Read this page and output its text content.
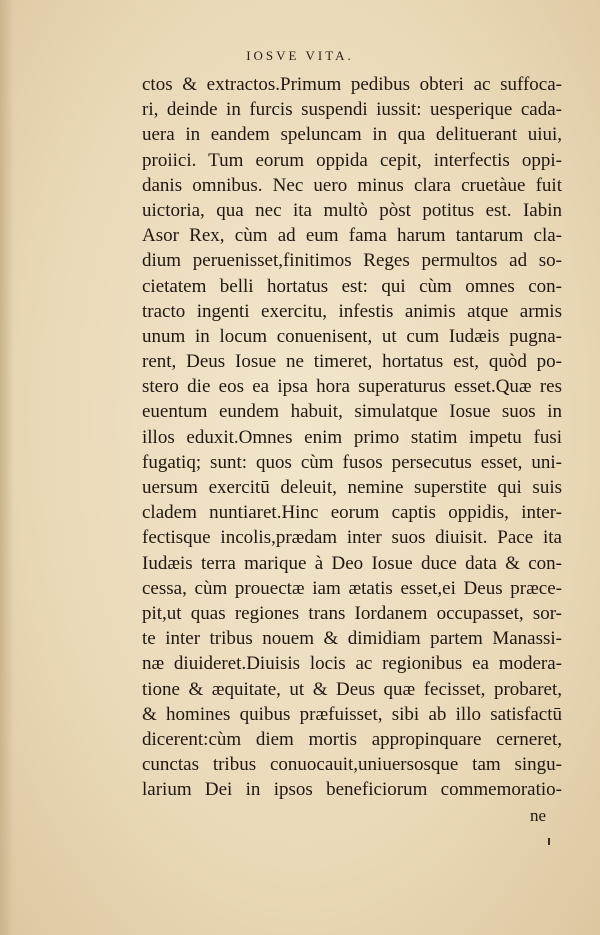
IOSVE VITA.
ctos & extractos.Primum pedibus obteri ac suffoca-
ri, deinde in furcis suspendi iussit: uesperique cada-
uera in eandem speluncam in qua delituerant uiui,
proiici. Tum eorum oppida cepit, interfectis oppi-
danis omnibus. Nec uero minus clara cruetàue fuit
uictoria, qua nec ita multò pòst potitus est. Iabin
Asor Rex, cùm ad eum fama harum tantarum cla-
dium peruenisset,finitimos Reges permultos ad so-
cietatem belli hortatus est: qui cùm omnes con-
tracto ingenti exercitu, infestis animis atque armis
unum in locum conuenisent, ut cum Iudæis pugna-
rent, Deus Iosue ne timeret, hortatus est, quòd po-
stero die eos ea ipsa hora superaturus esset.Quæ res
euentum eundem habuit, simulatque Iosue suos in
illos eduxit.Omnes enim primo statim impetu fusi
fugatiq; sunt: quos cùm fusos persecutus esset, uni-
uersum exercitū deleuit, nemine superstite qui suis
cladem nuntiaret.Hinc eorum captis oppidis, inter-
fectisque incolis,prædam inter suos diuisit. Pace ita
Iudæis terra marique à Deo Iosue duce data & con-
cessa, cùm prouectæ iam ætatis esset,ei Deus præce-
pit,ut quas regiones trans Iordanem occupasset, sor-
te inter tribus nouem & dimidiam partem Manassi-
næ diuideret.Diuisis locis ac regionibus ea modera-
tione & æquitate, ut & Deus quæ fecisset, probaret,
& homines quibus præfuisset, sibi ab illo satisfactū
dicerent:cùm diem mortis appropinquare cerneret,
cunctas tribus conuocauit,uniuersosque tam singu-
larium Dei in ipsos beneficiorum commemoratio-
ne
